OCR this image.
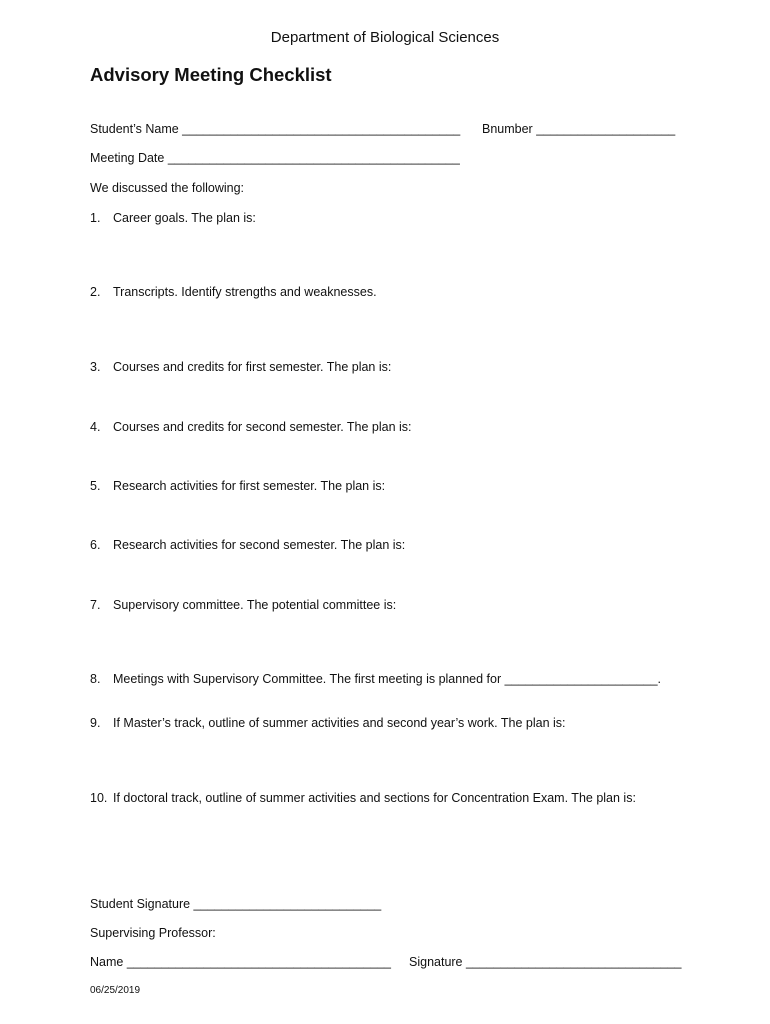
Department of Biological Sciences
Advisory Meeting Checklist
Student’s Name ________________________________________ Bnumber ____________________
Meeting Date __________________________________________
We discussed the following:
1. Career goals. The plan is:
2. Transcripts. Identify strengths and weaknesses.
3. Courses and credits for first semester. The plan is:
4. Courses and credits for second semester. The plan is:
5. Research activities for first semester. The plan is:
6. Research activities for second semester. The plan is:
7. Supervisory committee. The potential committee is:
8. Meetings with Supervisory Committee. The first meeting is planned for ______________________.
9. If Master’s track, outline of summer activities and second year’s work. The plan is:
10. If doctoral track, outline of summer activities and sections for Concentration Exam. The plan is:
Student Signature ___________________________
Supervising Professor:
Name ______________________________________ Signature _______________________________
06/25/2019
